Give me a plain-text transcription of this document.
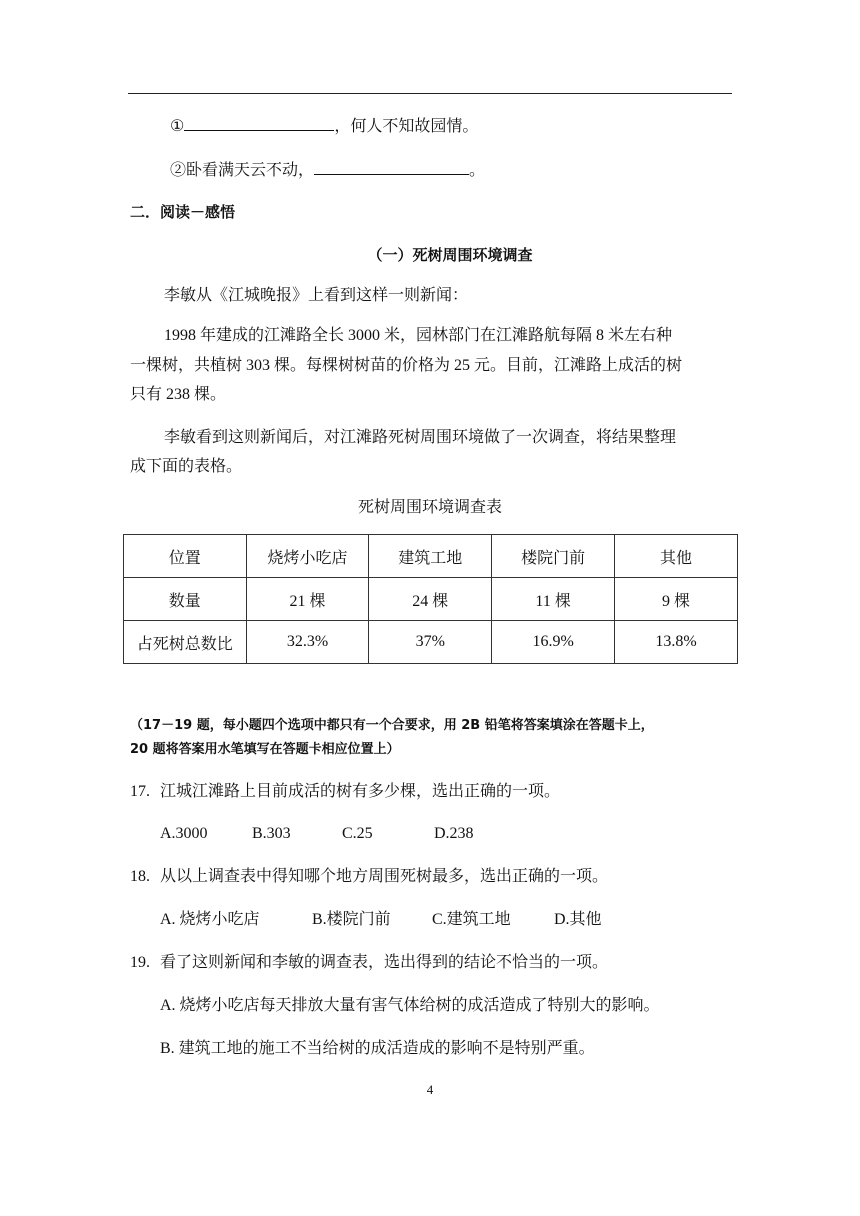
①	，何人不知故园情。
②卧看满天云不动，	。
二．阅读－感悟
（一）死树周围环境调查
李敏从《江城晚报》上看到这样一则新闻：
1998 年建成的江滩路全长 3000 米，园林部门在江滩路航每隔 8 米左右种
一棵树，共植树 303 棵。每棵树树苗的价格为 25 元。目前，江滩路上成活的树
只有 238 棵。
李敏看到这则新闻后，对江滩路死树周围环境做了一次调查，将结果整理
成下面的表格。
死树周围环境调查表
位置	烧烤小吃店	建筑工地	楼院门前	其他
数量	21 棵	24 棵	11 棵	9 棵
占死树总数比	32.3%	37%	16.9%	13.8%
（17－19 题，每小题四个选项中都只有一个合要求，用 2B 铅笔将答案填涂在答题卡上，
20 题将答案用水笔填写在答题卡相应位置上）
17. 江城江滩路上目前成活的树有多少棵，选出正确的一项。
A.3000	B.303	C.25	D.238
18. 从以上调查表中得知哪个地方周围死树最多，选出正确的一项。
A. 烧烤小吃店	B.楼院门前	C.建筑工地	D.其他
19. 看了这则新闻和李敏的调查表，选出得到的结论不恰当的一项。
A. 烧烤小吃店每天排放大量有害气体给树的成活造成了特别大的影响。
B. 建筑工地的施工不当给树的成活造成的影响不是特别严重。
4
